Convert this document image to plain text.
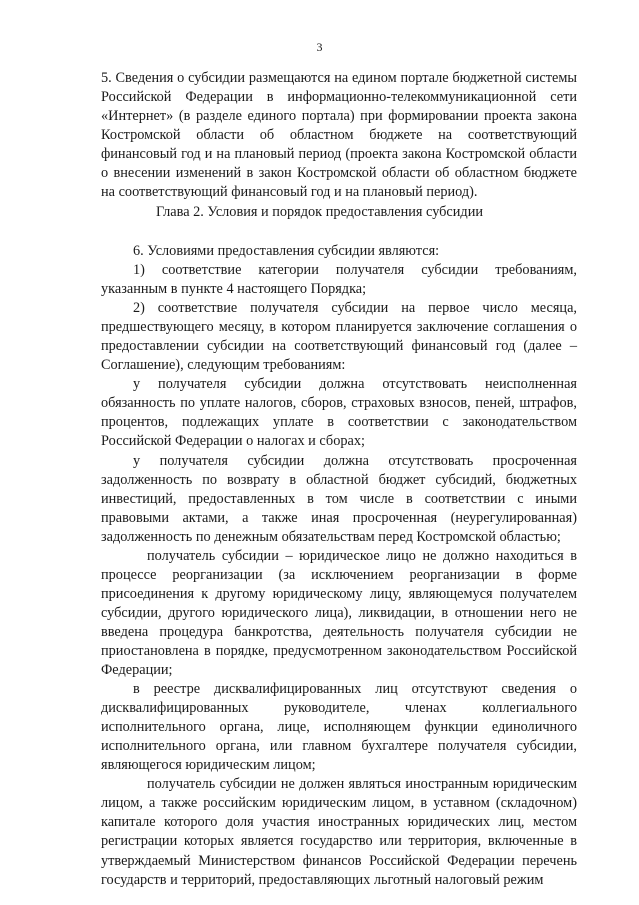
3

5. Сведения о субсидии размещаются на едином портале бюджетной системы Российской Федерации в информационно-телекоммуникационной сети «Интернет» (в разделе единого портала) при формировании проекта закона Костромской области об областном бюджете на соответствующий финансовый год и на плановый период (проекта закона Костромской области о внесении изменений в закон Костромской области об областном бюджете на соответствующий финансовый год и на плановый период).

Глава 2. Условия и порядок предоставления субсидии

6. Условиями предоставления субсидии являются:

1) соответствие категории получателя субсидии требованиям, указанным в пункте 4 настоящего Порядка;

2) соответствие получателя субсидии на первое число месяца, предшествующего месяцу, в котором планируется заключение соглашения о предоставлении субсидии на соответствующий финансовый год (далее – Соглашение), следующим требованиям:

у получателя субсидии должна отсутствовать неисполненная обязанность по уплате налогов, сборов, страховых взносов, пеней, штрафов, процентов, подлежащих уплате в соответствии с законодательством Российской Федерации о налогах и сборах;

у получателя субсидии должна отсутствовать просроченная задолженность по возврату в областной бюджет субсидий, бюджетных инвестиций, предоставленных в том числе в соответствии с иными правовыми актами, а также иная просроченная (неурегулированная) задолженность по денежным обязательствам перед Костромской областью;

получатель субсидии – юридическое лицо не должно находиться в процессе реорганизации (за исключением реорганизации в форме присоединения к другому юридическому лицу, являющемуся получателем субсидии, другого юридического лица), ликвидации, в отношении него не введена процедура банкротства, деятельность получателя субсидии не приостановлена в порядке, предусмотренном законодательством Российской Федерации;

в реестре дисквалифицированных лиц отсутствуют сведения о дисквалифицированных руководителе, членах коллегиального исполнительного органа, лице, исполняющем функции единоличного исполнительного органа, или главном бухгалтере получателя субсидии, являющегося юридическим лицом;

получатель субсидии не должен являться иностранным юридическим лицом, а также российским юридическим лицом, в уставном (складочном) капитале которого доля участия иностранных юридических лиц, местом регистрации которых является государство или территория, включенные в утверждаемый Министерством финансов Российской Федерации перечень государств и территорий, предоставляющих льготный налоговый режим
